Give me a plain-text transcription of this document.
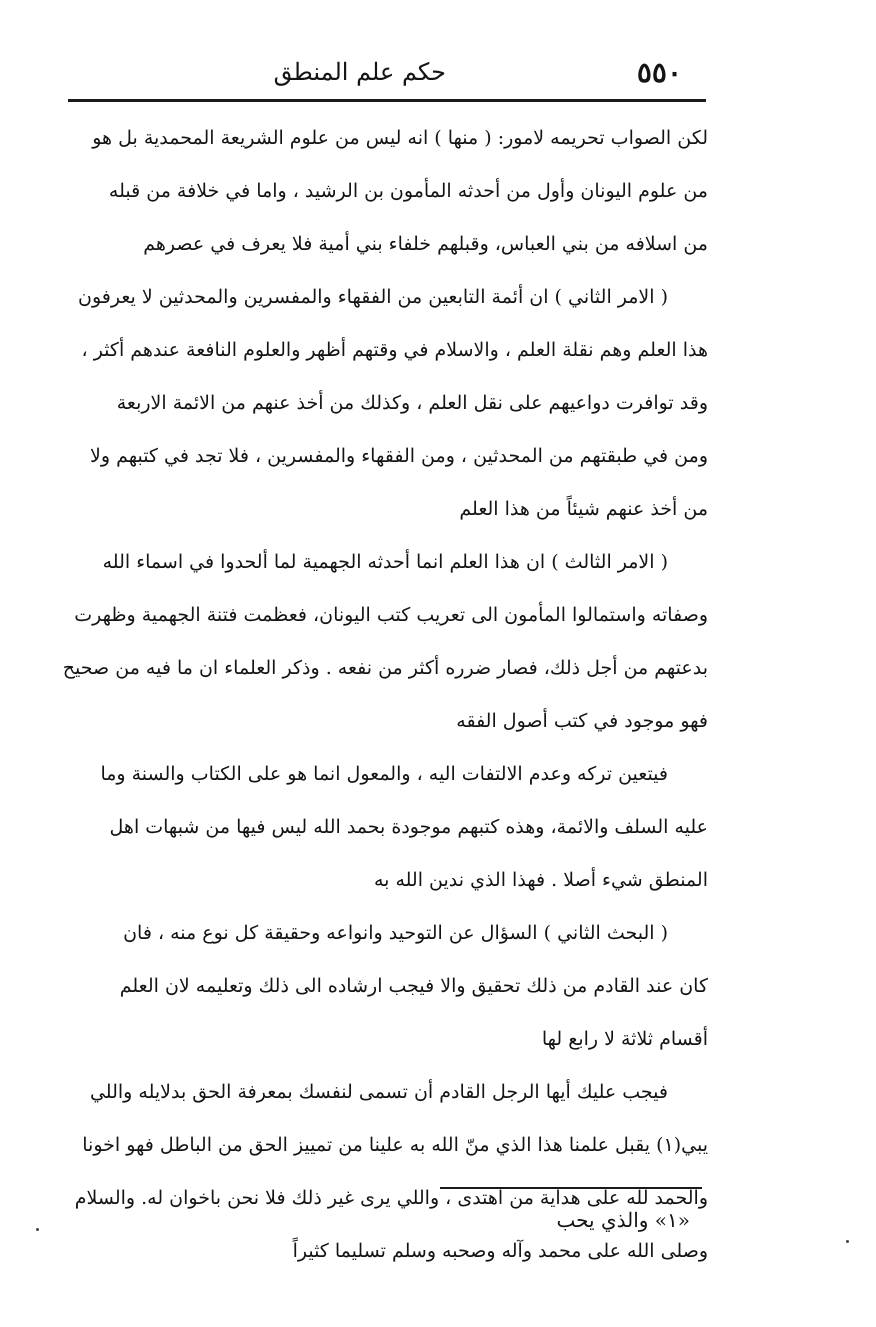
٥٥٠
حكم علم المنطق
لكن الصواب تحريمه لامور: ( منها ) انه ليس من علوم الشريعة المحمدية بل هو
من علوم اليونان وأول من أحدثه المأمون بن الرشيد ، واما في خلافة من قبله
من اسلافه من بني العباس، وقبلهم خلفاء بني أمية فلا يعرف في عصرهم
( الامر الثاني ) ان أئمة التابعين من الفقهاء والمفسرين والمحدثين لا يعرفون
هذا العلم وهم نقلة العلم ، والاسلام في وقتهم أظهر والعلوم النافعة عندهم أكثر ،
وقد توافرت دواعيهم على نقل العلم ، وكذلك من أخذ عنهم من الائمة الاربعة
ومن في طبقتهم من المحدثين ، ومن الفقهاء والمفسرين ، فلا تجد في كتبهم ولا
من أخذ عنهم شيئاً من هذا العلم
( الامر الثالث ) ان هذا العلم انما أحدثه الجهمية لما ألحدوا في اسماء الله
وصفاته واستمالوا المأمون الى تعريب كتب اليونان، فعظمت فتنة الجهمية وظهرت
بدعتهم من أجل ذلك، فصار ضرره أكثر من نفعه . وذكر العلماء ان ما فيه من صحيح
فهو موجود في كتب أصول الفقه
فيتعين تركه وعدم الالتفات اليه ، والمعول انما هو على الكتاب والسنة وما
عليه السلف والائمة، وهذه كتبهم موجودة بحمد الله ليس فيها من شبهات اهل
المنطق شيء أصلا . فهذا الذي ندين الله به
( البحث الثاني ) السؤال عن التوحيد وانواعه وحقيقة كل نوع منه ، فان
كان عند القادم من ذلك تحقيق والا فيجب ارشاده الى ذلك وتعليمه لان العلم
أقسام ثلاثة لا رابع لها
فيجب عليك أيها الرجل القادم أن تسمى لنفسك بمعرفة الحق بدلايله واللي
يبي(١) يقبل علمنا هذا الذي منّ الله به علينا من تمييز الحق من الباطل فهو اخونا
والحمد لله على هداية من اهتدى ، واللي يرى غير ذلك فلا نحن باخوان له. والسلام
وصلى الله على محمد وآله وصحبه وسلم تسليما كثيراً
«١» والذي يحب
